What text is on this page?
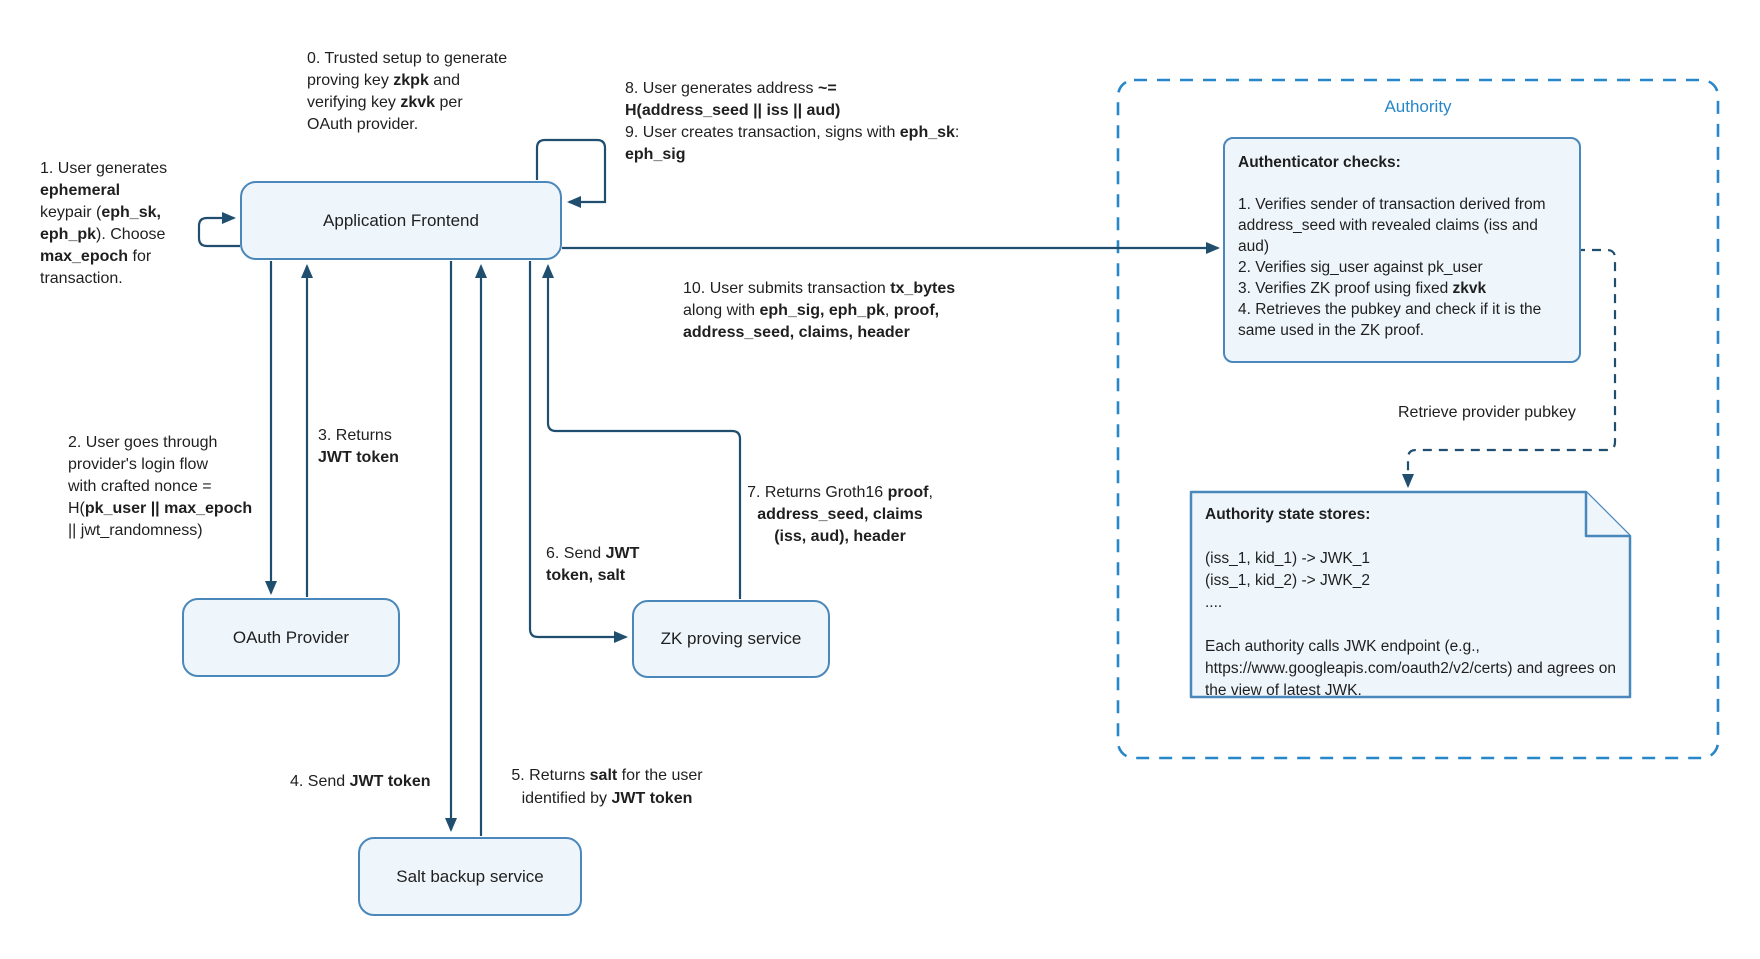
Application Frontend
OAuth Provider	ZK proving service
Salt backup service
0. Trusted setup to generate
proving key zkpk and
verifying key zkvk per
OAuth provider.
1. User generates
ephemeral
keypair (eph_sk,
eph_pk). Choose
max_epoch for
transaction.
8. User generates address ~=
H(address_seed || iss || aud)
9. User creates transaction, signs with eph_sk:
eph_sig
10. User submits transaction tx_bytes
along with eph_sig, eph_pk, proof,
address_seed, claims, header
2. User goes through
provider's login flow
with crafted nonce =
H(pk_user || max_epoch
|| jwt_randomness)
3. Returns
JWT token
6. Send JWT
token, salt
7. Returns Groth16 proof,
address_seed, claims
(iss, aud), header
4. Send JWT token	5. Returns salt for the user
identified by JWT token
Authority
Authenticator checks:
1. Verifies sender of transaction derived from address_seed with revealed claims (iss and aud)
2. Verifies sig_user against pk_user
3. Verifies ZK proof using fixed zkvk
4. Retrieves the pubkey and check if it is the same used in the ZK proof.
Retrieve provider pubkey
Authority state stores:
(iss_1, kid_1) -> JWK_1
(iss_1, kid_2) -> JWK_2
....
Each authority calls JWK endpoint (e.g., https://www.googleapis.com/oauth2/v2/certs) and agrees on the view of latest JWK.
